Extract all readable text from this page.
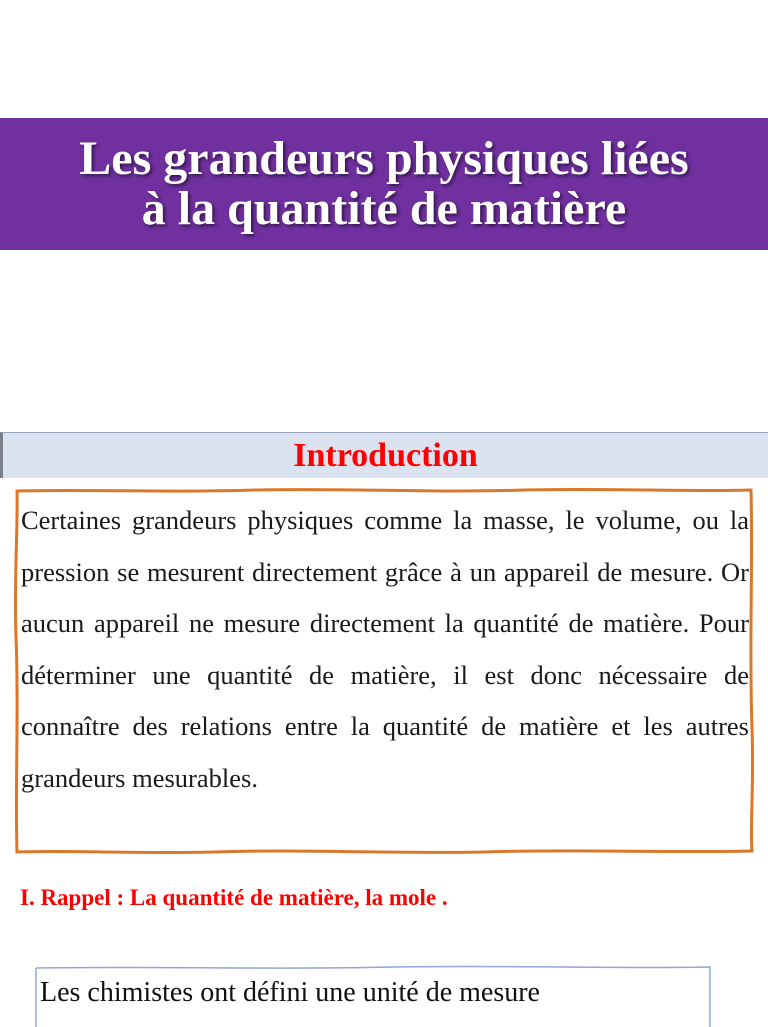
Les grandeurs physiques liées
à la quantité de matière
Introduction

Certaines grandeurs physiques comme la masse, le volume, ou la pression se mesurent directement grâce à un appareil de mesure. Or aucun appareil ne mesure directement la quantité de matière. Pour déterminer une quantité de matière, il est donc nécessaire de connaître des relations entre la quantité de matière et les autres grandeurs mesurables.

I. Rappel : La quantité de matière, la mole .
Les chimistes ont défini une unité de mesure
